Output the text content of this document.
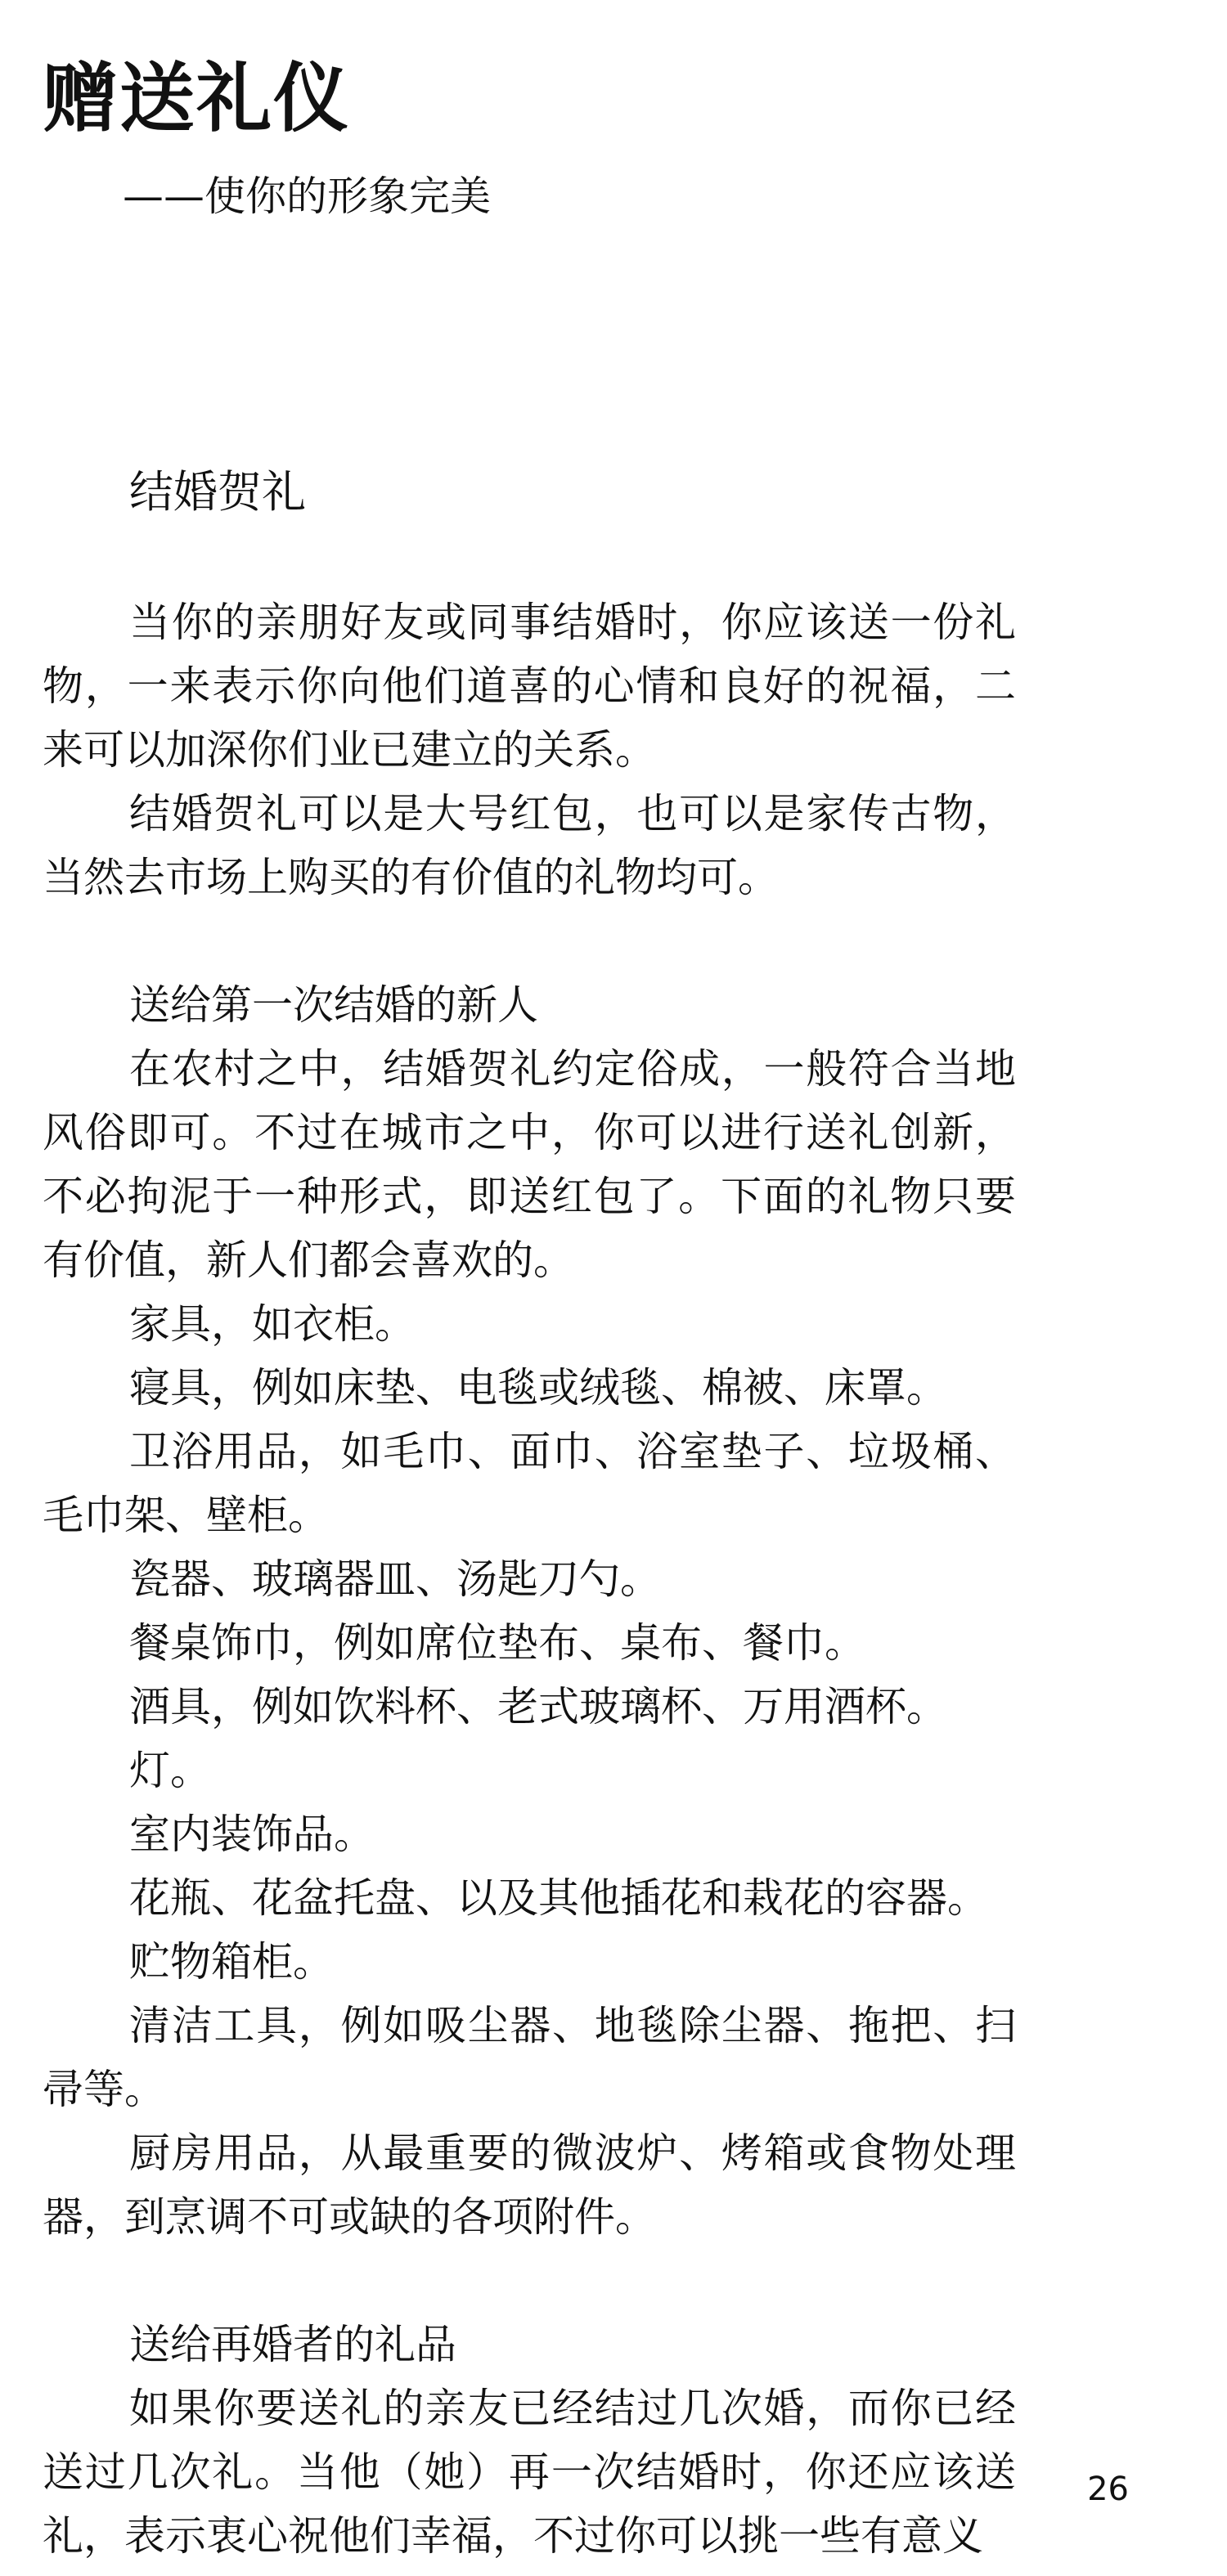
赠送礼仪
——使你的形象完美
结婚贺礼

当你的亲朋好友或同事结婚时，你应该送一份礼物，一来表示你向他们道喜的心情和良好的祝福，二来可以加深你们业已建立的关系。

结婚贺礼可以是大号红包，也可以是家传古物，当然去市场上购买的有价值的礼物均可。

送给第一次结婚的新人

在农村之中，结婚贺礼约定俗成，一般符合当地风俗即可。不过在城市之中，你可以进行送礼创新，不必拘泥于一种形式，即送红包了。下面的礼物只要有价值，新人们都会喜欢的。

家具，如衣柜。

寝具，例如床垫、电毯或绒毯、棉被、床罩。

卫浴用品，如毛巾、面巾、浴室垫子、垃圾桶、毛巾架、壁柜。

瓷器、玻璃器皿、汤匙刀勺。

餐桌饰巾，例如席位垫布、桌布、餐巾。

酒具，例如饮料杯、老式玻璃杯、万用酒杯。

灯。

室内装饰品。

花瓶、花盆托盘、以及其他插花和栽花的容器。

贮物箱柜。

清洁工具，例如吸尘器、地毯除尘器、拖把、扫帚等。

厨房用品，从最重要的微波炉、烤箱或食物处理器，到烹调不可或缺的各项附件。

送给再婚者的礼品

如果你要送礼的亲友已经结过几次婚，而你已经送过几次礼。当他（她）再一次结婚时，你还应该送礼，表示衷心祝他们幸福，不过你可以挑一些有意义

26
